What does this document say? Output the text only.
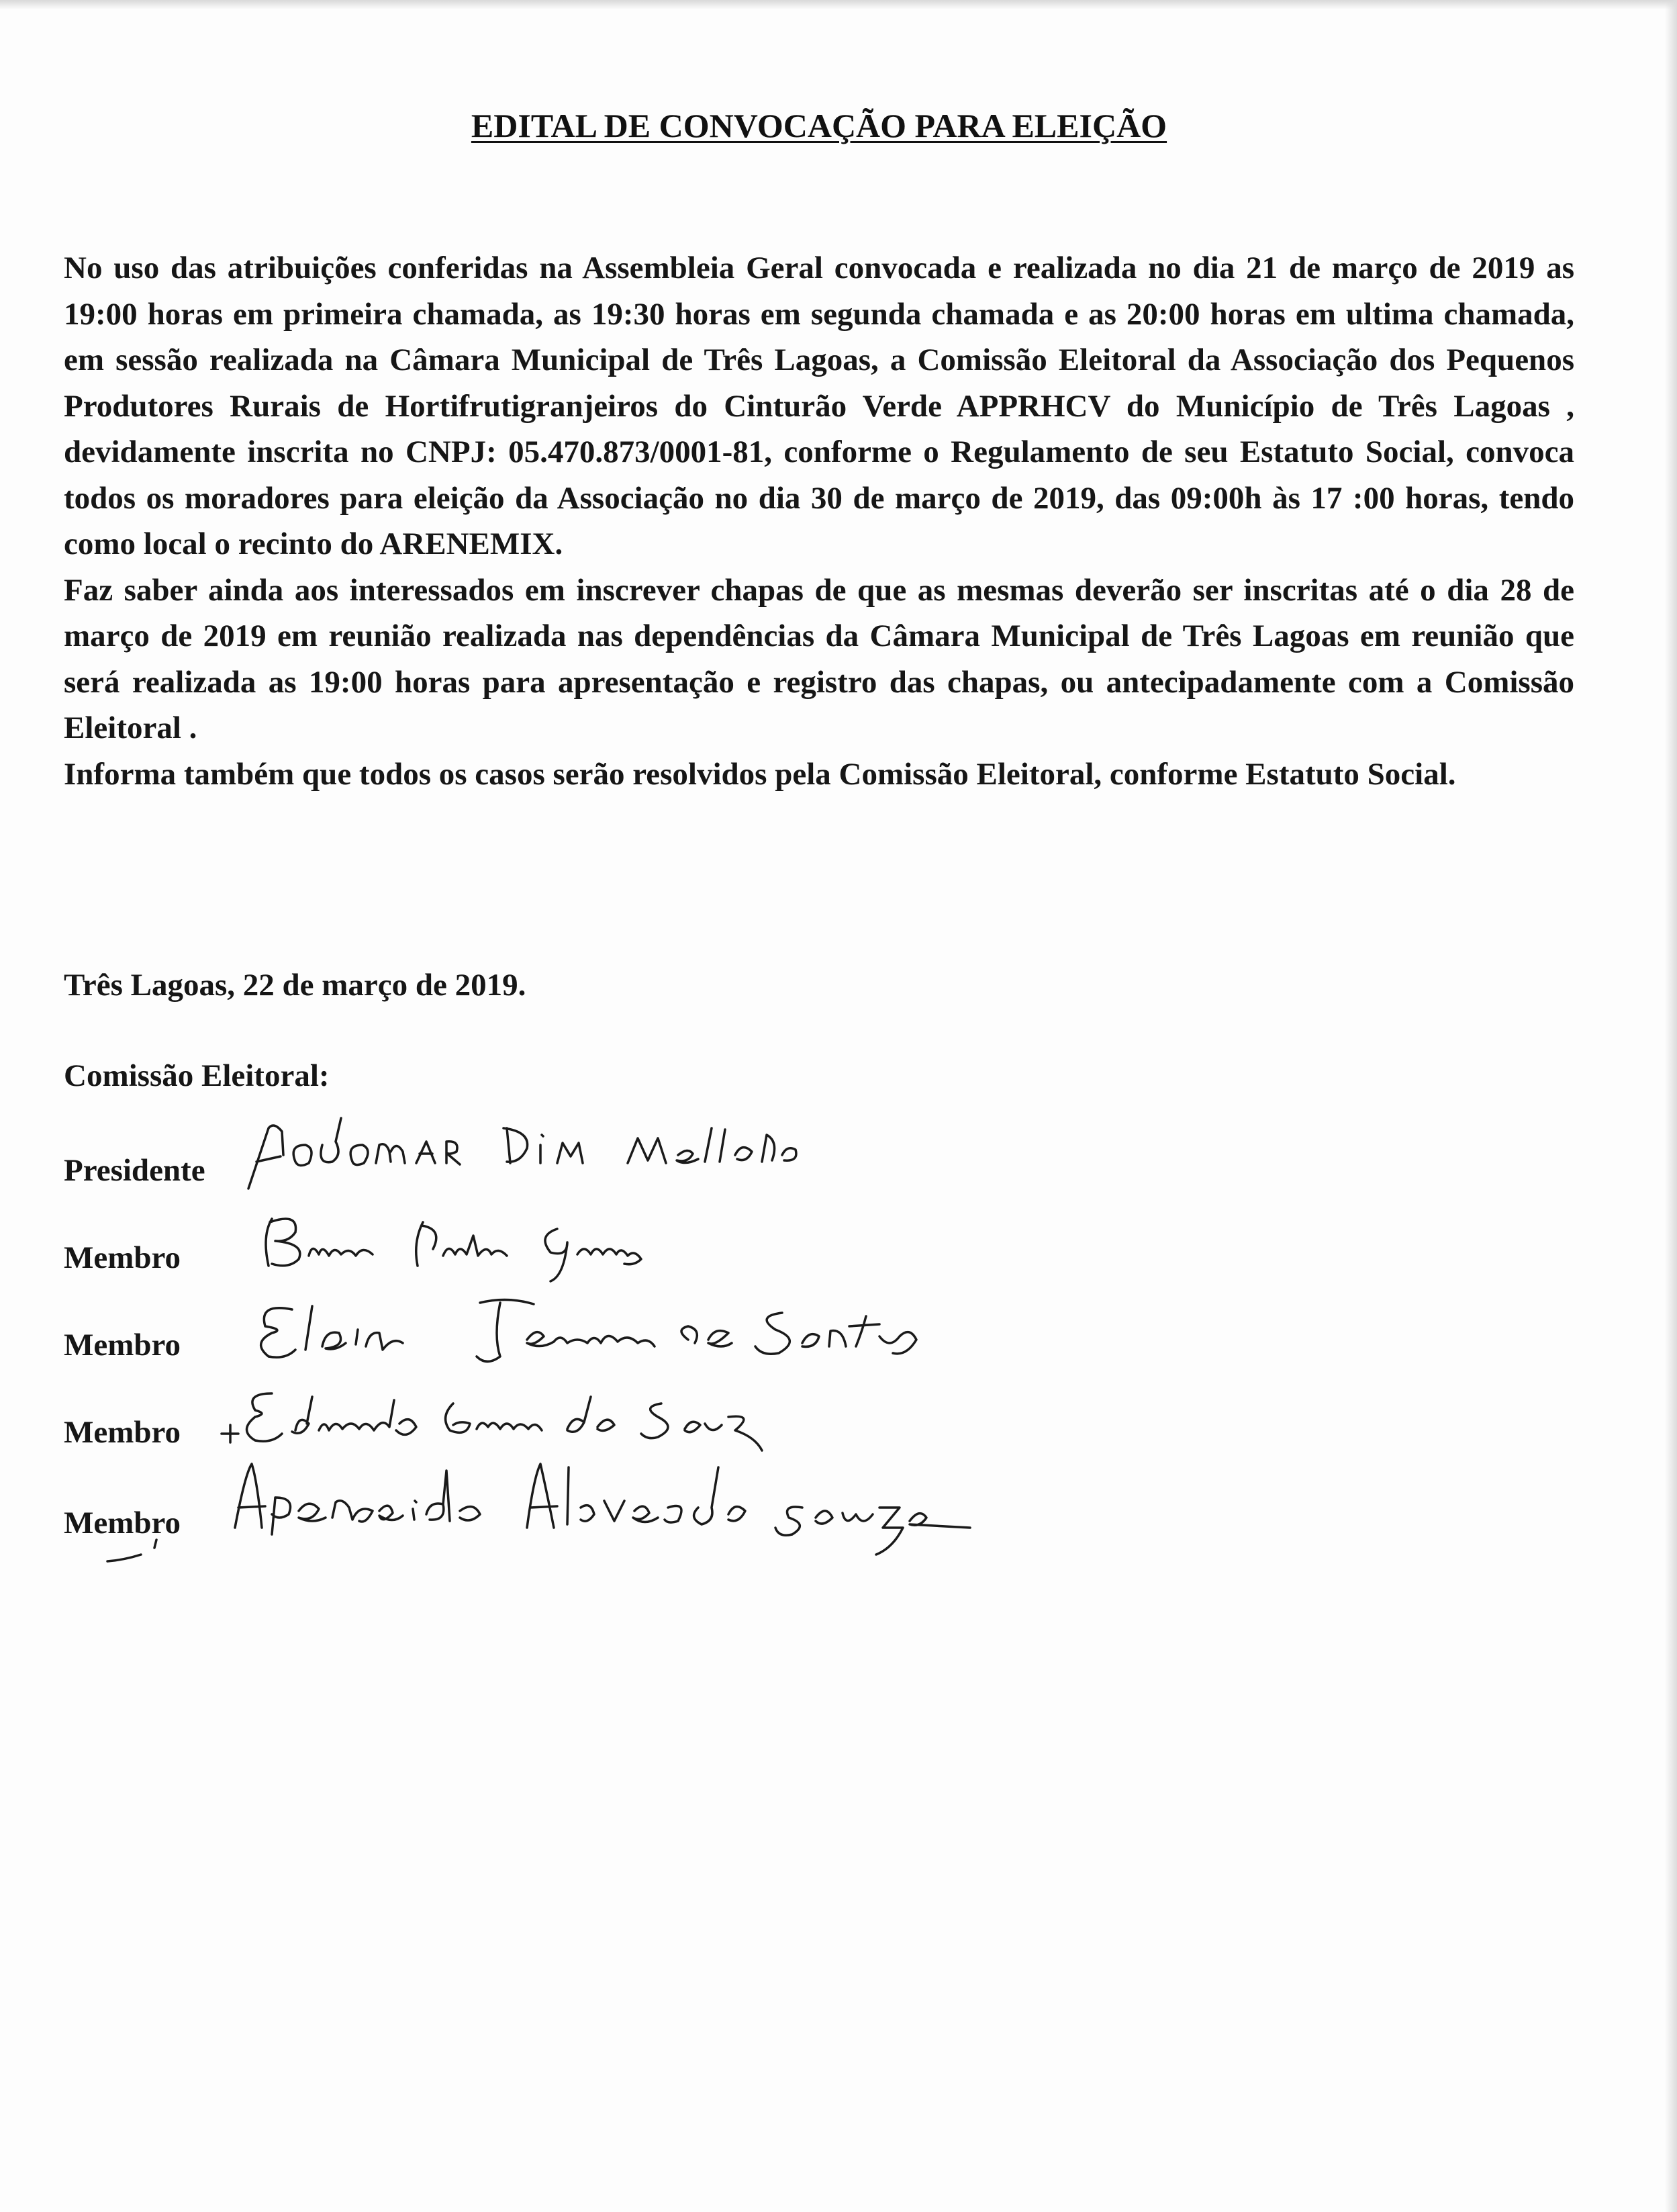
EDITAL DE CONVOCAÇÃO PARA ELEIÇÃO

No uso das atribuições conferidas na Assembleia Geral convocada e realizada no dia 21 de março de 2019 as 19:00 horas em primeira chamada, as 19:30 horas em segunda chamada e as 20:00 horas em ultima chamada, em sessão realizada na Câmara Municipal de Três Lagoas, a Comissão Eleitoral da Associação dos Pequenos Produtores Rurais de Hortifrutigranjeiros do Cinturão Verde APPRHCV do Município de Três Lagoas , devidamente inscrita no CNPJ: 05.470.873/0001-81, conforme o Regulamento de seu Estatuto Social, convoca todos os moradores para eleição da Associação no dia 30 de março de 2019, das 09:00h às 17 :00 horas, tendo como local o recinto do ARENEMIX.

Faz saber ainda aos interessados em inscrever chapas de que as mesmas deverão ser inscritas até o dia 28 de março de 2019 em reunião realizada nas dependências da Câmara Municipal de Três Lagoas em reunião que será realizada as 19:00 horas para apresentação e registro das chapas, ou antecipadamente com a Comissão Eleitoral .

Informa também que todos os casos serão resolvidos pela Comissão Eleitoral, conforme Estatuto Social.

Três Lagoas, 22 de março de 2019.
Comissão Eleitoral:
Presidente
Membro
Membro
Membro
Membro
